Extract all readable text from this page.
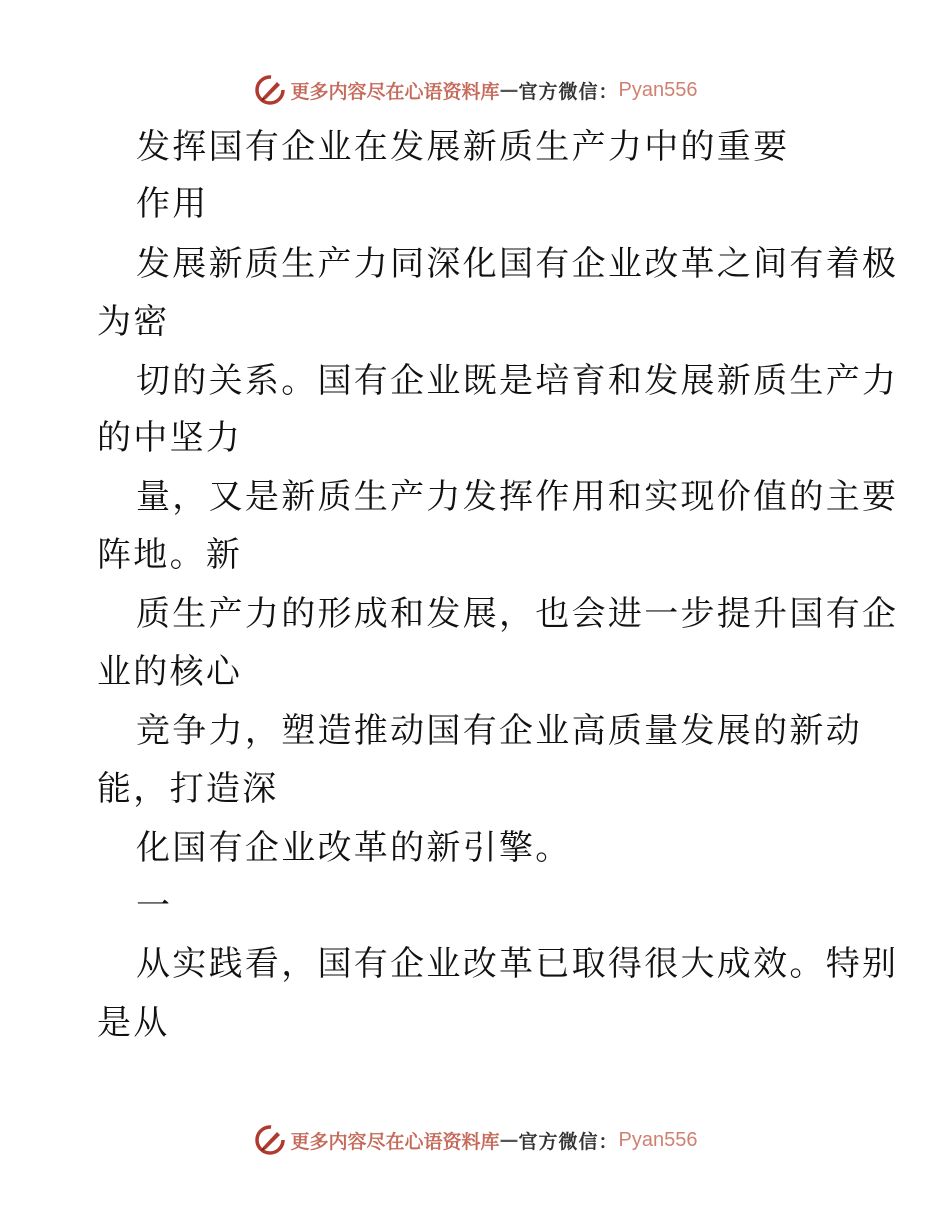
更多内容尽在心语资料库 — 官方微信： Pyan556
发挥国有企业在发展新质生产力中的重要
作用
发展新质生产力同深化国有企业改革之间有着极
为密
切的关系。国有企业既是培育和发展新质生产力
的中坚力
量，又是新质生产力发挥作用和实现价值的主要
阵地。新
质生产力的形成和发展，也会进一步提升国有企
业的核心
竞争力，塑造推动国有企业高质量发展的新动
能，打造深
化国有企业改革的新引擎。
一
从实践看，国有企业改革已取得很大成效。特别
是从
更多内容尽在心语资料库 — 官方微信： Pyan556
